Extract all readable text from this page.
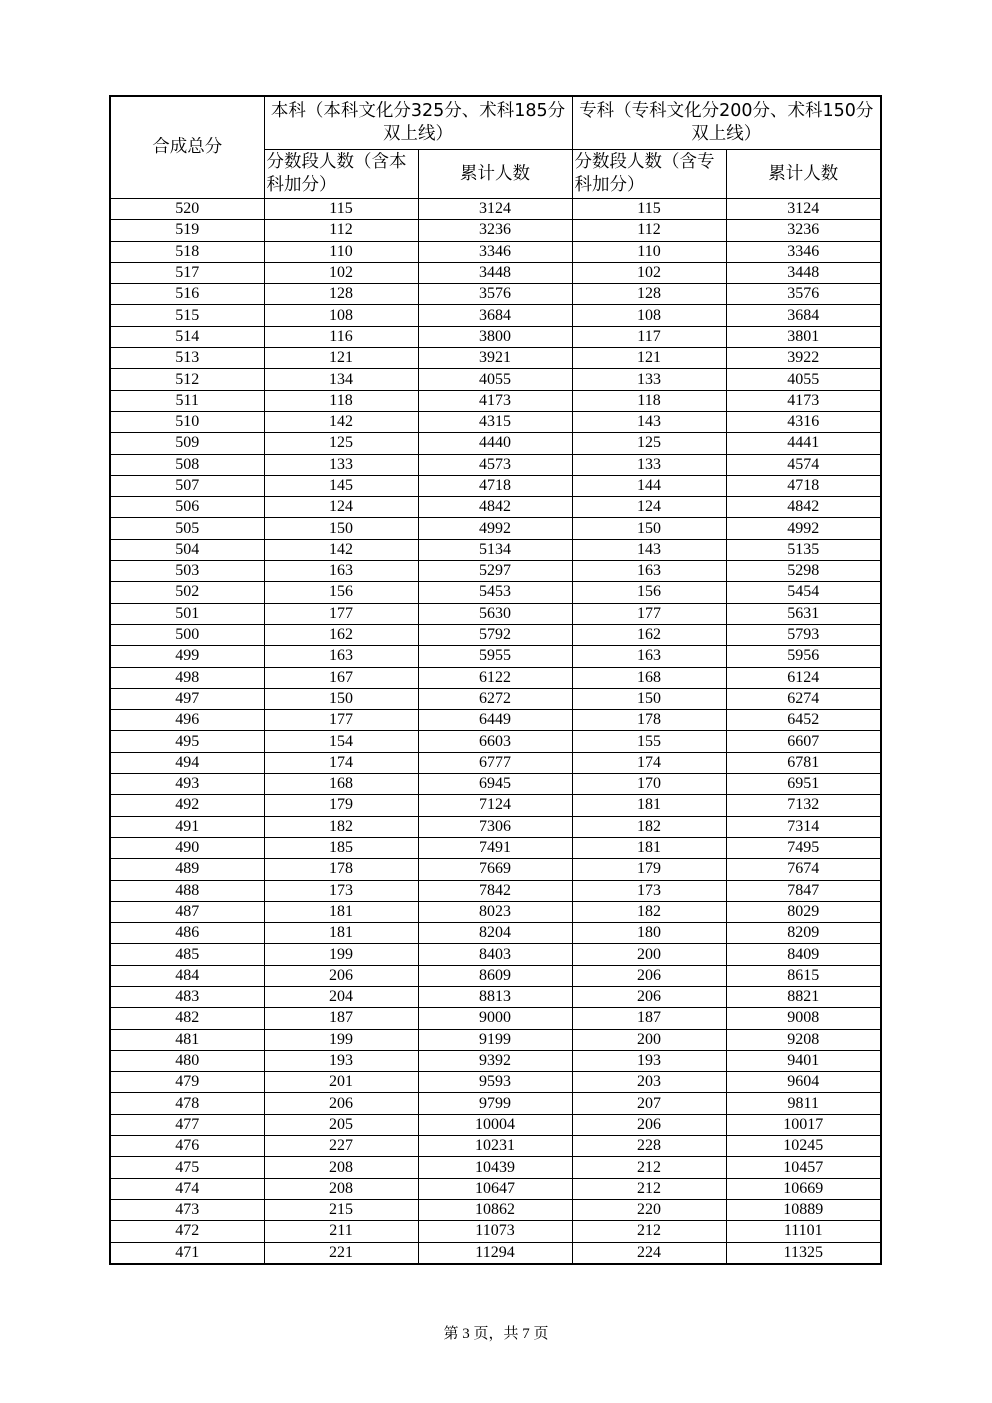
合成总分	本科（本科文化分325分、术科185分双上线）		专科（专科文化分200分、术科150分双上线）	
	分数段人数（含本科加分）	累计人数	分数段人数（含专科加分）	累计人数
520	115	3124	115	3124
519	112	3236	112	3236
518	110	3346	110	3346
517	102	3448	102	3448
516	128	3576	128	3576
515	108	3684	108	3684
514	116	3800	117	3801
513	121	3921	121	3922
512	134	4055	133	4055
511	118	4173	118	4173
510	142	4315	143	4316
509	125	4440	125	4441
508	133	4573	133	4574
507	145	4718	144	4718
506	124	4842	124	4842
505	150	4992	150	4992
504	142	5134	143	5135
503	163	5297	163	5298
502	156	5453	156	5454
501	177	5630	177	5631
500	162	5792	162	5793
499	163	5955	163	5956
498	167	6122	168	6124
497	150	6272	150	6274
496	177	6449	178	6452
495	154	6603	155	6607
494	174	6777	174	6781
493	168	6945	170	6951
492	179	7124	181	7132
491	182	7306	182	7314
490	185	7491	181	7495
489	178	7669	179	7674
488	173	7842	173	7847
487	181	8023	182	8029
486	181	8204	180	8209
485	199	8403	200	8409
484	206	8609	206	8615
483	204	8813	206	8821
482	187	9000	187	9008
481	199	9199	200	9208
480	193	9392	193	9401
479	201	9593	203	9604
478	206	9799	207	9811
477	205	10004	206	10017
476	227	10231	228	10245
475	208	10439	212	10457
474	208	10647	212	10669
473	215	10862	220	10889
472	211	11073	212	11101
471	221	11294	224	11325
第 3 页，共 7 页
